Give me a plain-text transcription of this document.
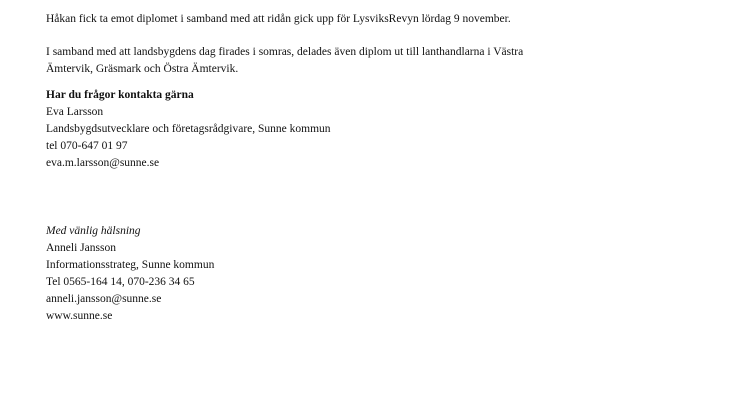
Håkan fick ta emot diplomet i samband med att ridån gick upp för LysviksRevyn lördag 9 november.

I samband med att landsbygdens dag firades i somras, delades även diplom ut till lanthandlarna i Västra
Ämtervik, Gräsmark och Östra Ämtervik.

Har du frågor kontakta gärna
Eva Larsson
Landsbygdsutvecklare och företagsrådgivare, Sunne kommun
tel 070-647 01 97
eva.m.larsson@sunne.se
Med vänlig hälsning
Anneli Jansson
Informationsstrateg, Sunne kommun
Tel 0565-164 14, 070-236 34 65
anneli.jansson@sunne.se
www.sunne.se
